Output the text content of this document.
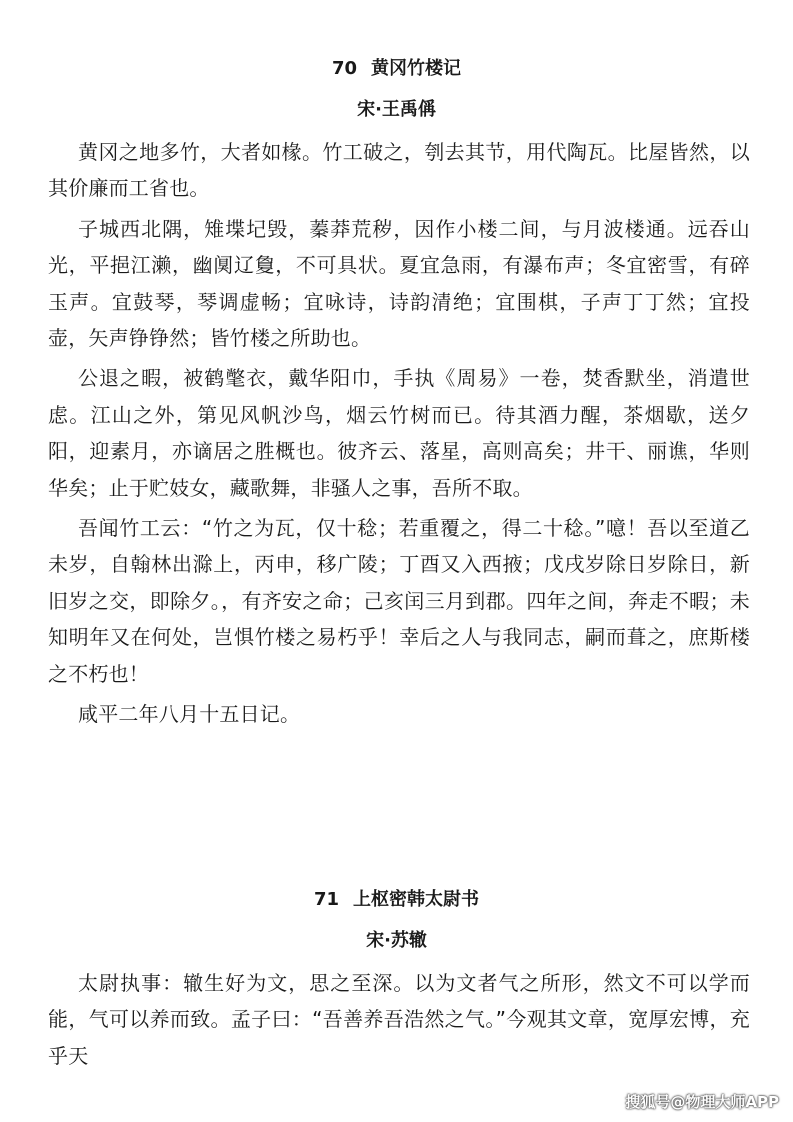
70 黄冈竹楼记
宋·王禹偁

黄冈之地多竹，大者如椽。竹工破之，刳去其节，用代陶瓦。比屋皆然，以其价廉而工省也。

子城西北隅，雉堞圮毁，蓁莽荒秽，因作小楼二间，与月波楼通。远吞山光，平挹江濑，幽阒辽敻，不可具状。夏宜急雨，有瀑布声；冬宜密雪，有碎玉声。宜鼓琴，琴调虚畅；宜咏诗，诗韵清绝；宜围棋，子声丁丁然；宜投壶，矢声铮铮然；皆竹楼之所助也。

公退之暇，被鹤氅衣，戴华阳巾，手执《周易》一卷，焚香默坐，消遣世虑。江山之外，第见风帆沙鸟，烟云竹树而已。待其酒力醒，茶烟歇，送夕阳，迎素月，亦谪居之胜概也。彼齐云、落星，高则高矣；井干、丽谯，华则华矣；止于贮妓女，藏歌舞，非骚人之事，吾所不取。

吾闻竹工云：“竹之为瓦，仅十稔；若重覆之，得二十稔。”噫！吾以至道乙未岁，自翰林出滁上，丙申，移广陵；丁酉又入西掖；戊戌岁除日岁除日，新旧岁之交，即除夕。，有齐安之命；己亥闰三月到郡。四年之间，奔走不暇；未知明年又在何处，岂惧竹楼之易朽乎！幸后之人与我同志，嗣而葺之，庶斯楼之不朽也！

咸平二年八月十五日记。

71 上枢密韩太尉书
宋·苏辙

太尉执事：辙生好为文，思之至深。以为文者气之所形，然文不可以学而能，气可以养而致。孟子曰：“吾善养吾浩然之气。”今观其文章，宽厚宏博，充乎天

搜狐号@物理大师APP
